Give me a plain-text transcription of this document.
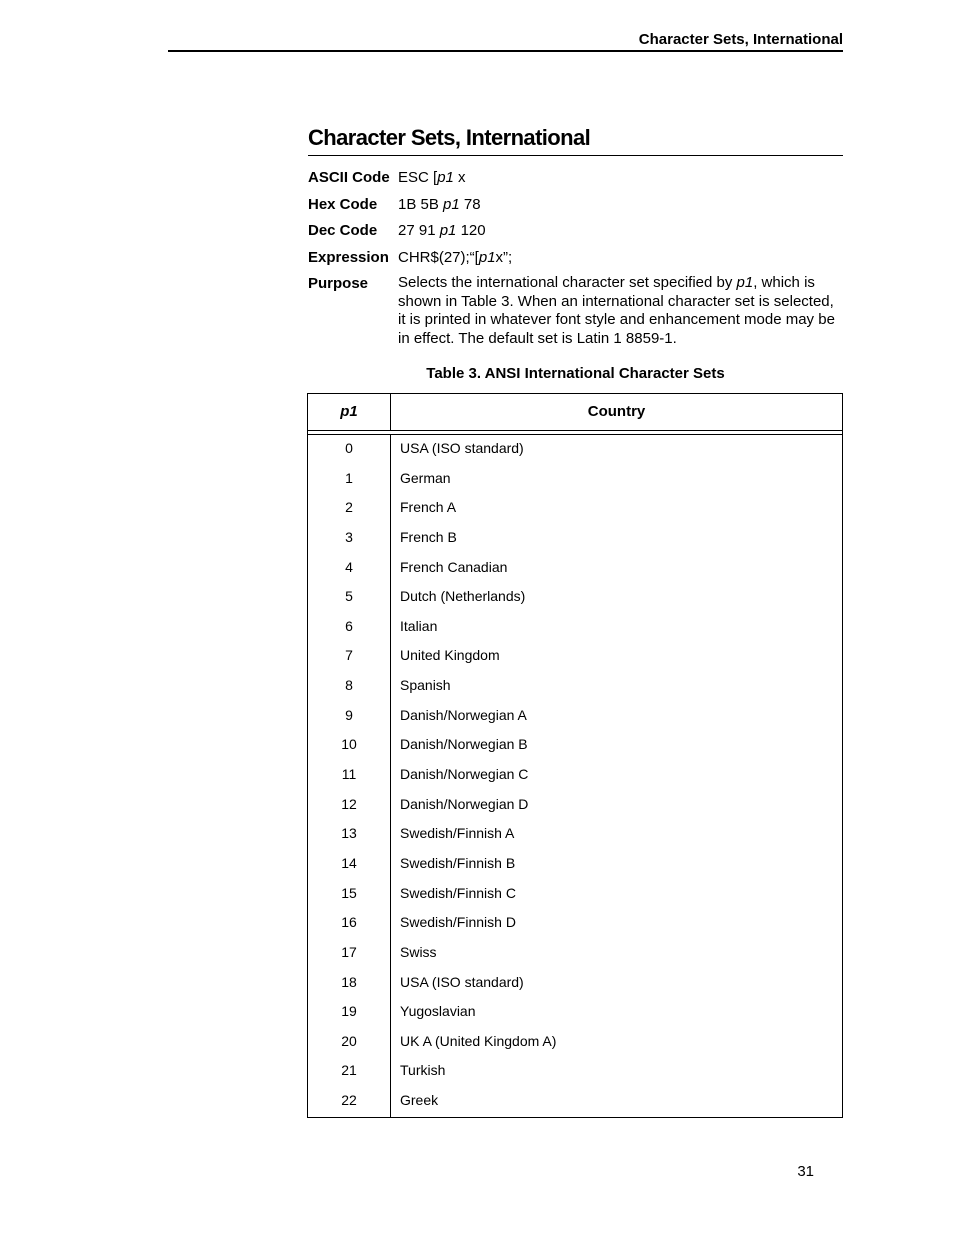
Character Sets, International
Character Sets, International
ASCII Code ESC [p1 x
Hex Code 1B 5B p1 78
Dec Code 27 91 p1 120
Expression CHR$(27);“[p1x”;
Purpose Selects the international character set specified by p1, which is shown in Table 3. When an international character set is selected, it is printed in whatever font style and enhancement mode may be in effect. The default set is Latin 1 8859-1.
Table 3. ANSI International Character Sets
p1	Country
0	USA (ISO standard)
1	German
2	French A
3	French B
4	French Canadian
5	Dutch (Netherlands)
6	Italian
7	United Kingdom
8	Spanish
9	Danish/Norwegian A
10	Danish/Norwegian B
11	Danish/Norwegian C
12	Danish/Norwegian D
13	Swedish/Finnish A
14	Swedish/Finnish B
15	Swedish/Finnish C
16	Swedish/Finnish D
17	Swiss
18	USA (ISO standard)
19	Yugoslavian
20	UK A (United Kingdom A)
21	Turkish
22	Greek
31
